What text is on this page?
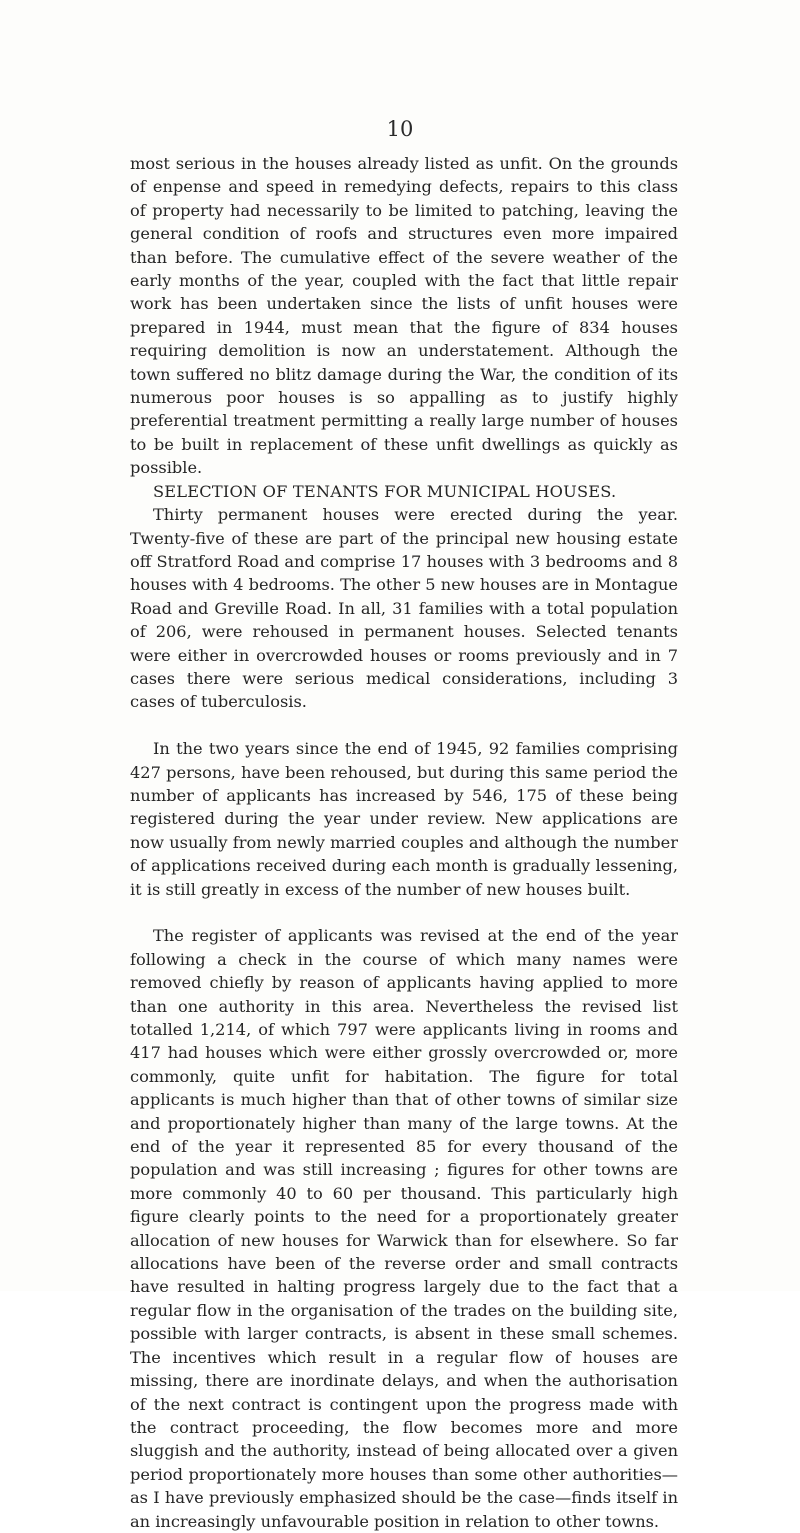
10

most serious in the houses already listed as unfit. On the grounds of enpense and speed in remedying defects, repairs to this class of property had necessarily to be limited to patching, leaving the general condition of roofs and structures even more impaired than before. The cumulative effect of the severe weather of the early months of the year, coupled with the fact that little repair work has been undertaken since the lists of unfit houses were prepared in 1944, must mean that the figure of 834 houses requiring demolition is now an understatement. Although the town suffered no blitz damage during the War, the condition of its numerous poor houses is so appalling as to justify highly preferential treatment permitting a really large number of houses to be built in replacement of these unfit dwellings as quickly as possible.

SELECTION OF TENANTS FOR MUNICIPAL HOUSES.

Thirty permanent houses were erected during the year. Twenty-five of these are part of the principal new housing estate off Stratford Road and comprise 17 houses with 3 bedrooms and 8 houses with 4 bedrooms. The other 5 new houses are in Montague Road and Greville Road. In all, 31 families with a total population of 206, were rehoused in permanent houses. Selected tenants were either in overcrowded houses or rooms previously and in 7 cases there were serious medical considerations, including 3 cases of tuberculosis.

In the two years since the end of 1945, 92 families comprising 427 persons, have been rehoused, but during this same period the number of applicants has increased by 546, 175 of these being registered during the year under review. New applications are now usually from newly married couples and although the number of applications received during each month is gradually lessening, it is still greatly in excess of the number of new houses built.

The register of applicants was revised at the end of the year following a check in the course of which many names were removed chiefly by reason of applicants having applied to more than one authority in this area. Nevertheless the revised list totalled 1,214, of which 797 were applicants living in rooms and 417 had houses which were either grossly overcrowded or, more commonly, quite unfit for habitation. The figure for total applicants is much higher than that of other towns of similar size and proportionately higher than many of the large towns. At the end of the year it represented 85 for every thousand of the population and was still increasing ; figures for other towns are more commonly 40 to 60 per thousand. This particularly high figure clearly points to the need for a proportionately greater allocation of new houses for Warwick than for elsewhere. So far allocations have been of the reverse order and small contracts have resulted in halting progress largely due to the fact that a regular flow in the organisation of the trades on the building site, possible with larger contracts, is absent in these small schemes. The incentives which result in a regular flow of houses are missing, there are inordinate delays, and when the authorisation of the next contract is contingent upon the progress made with the contract proceeding, the flow becomes more and more sluggish and the authority, instead of being allocated over a given period proportionately more houses than some other authorities—as I have previously emphasized should be the case—finds itself in an increasingly unfavourable position in relation to other towns.
